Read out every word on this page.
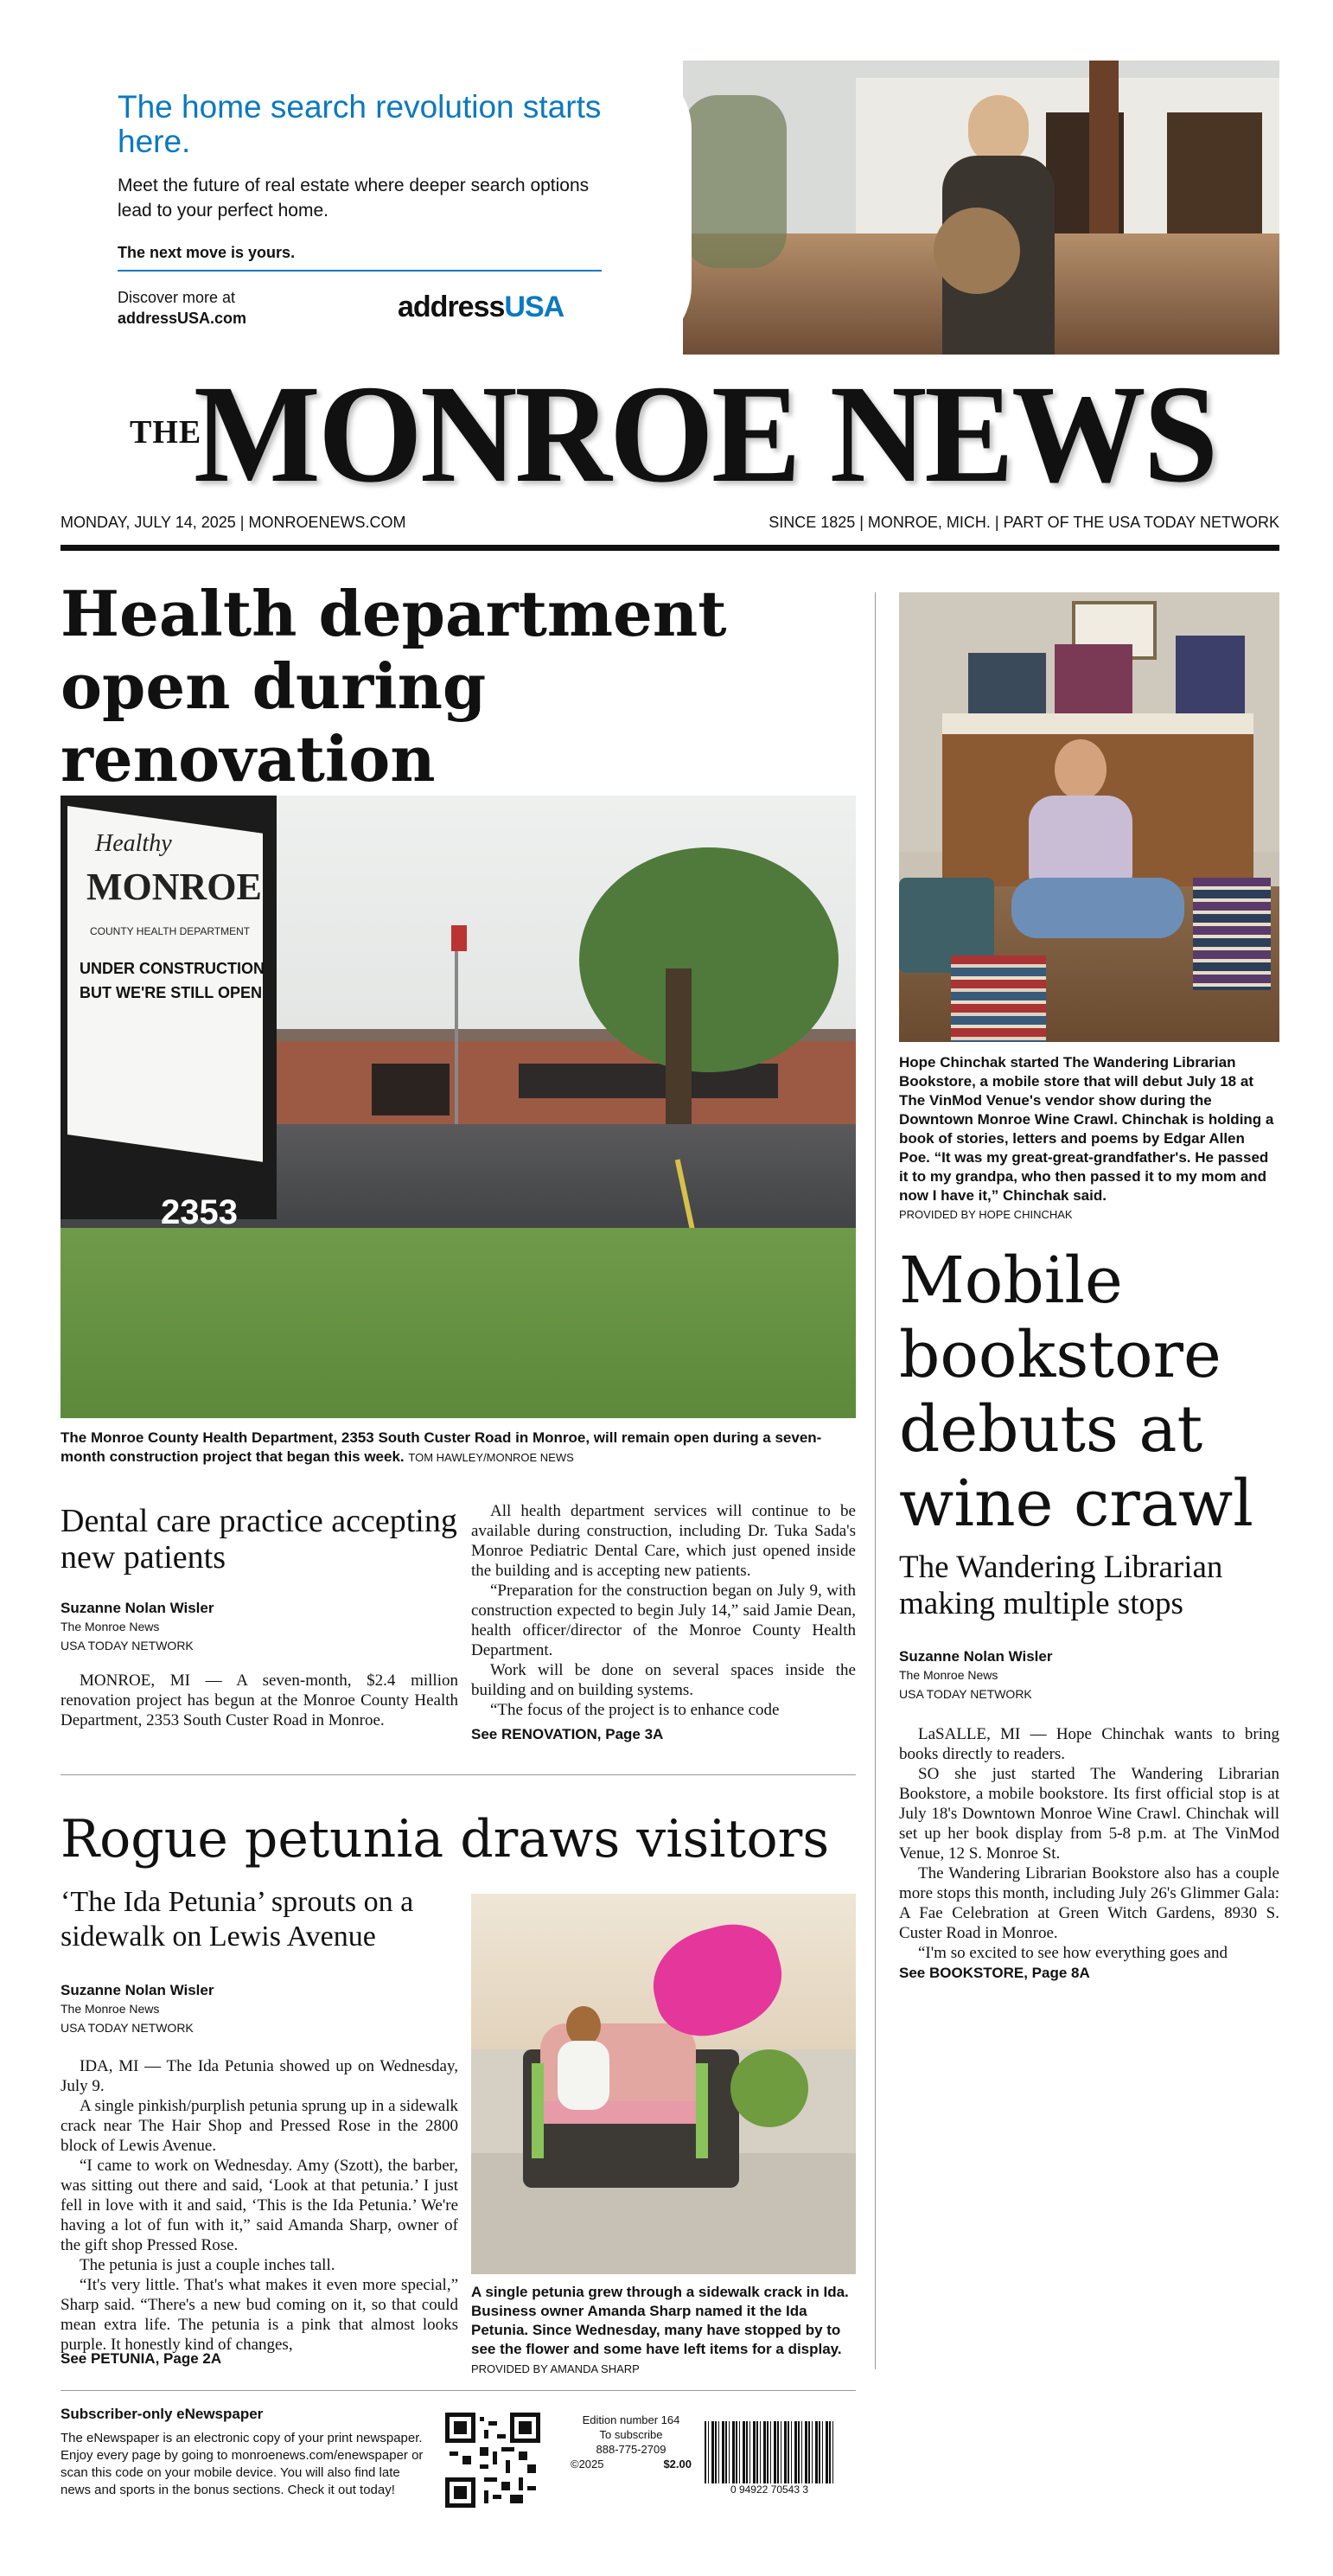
The home search revolution starts here.
Meet the future of real estate where deeper search options lead to your perfect home.
The next move is yours.
Discover more at
addressUSA.com	addressUSA
THE
MONROE NEWS
MONDAY, JULY 14, 2025 | MONROENEWS.COM	SINCE 1825 | MONROE, MICH. | PART OF THE USA TODAY NETWORK
Health department open during renovation
Healthy
MONROE
COUNTY HEALTH DEPARTMENT
UNDER CONSTRUCTION
BUT WE'RE STILL OPEN
2353
The Monroe County Health Department, 2353 South Custer Road in Monroe, will remain open during a seven-month construction project that began this week. TOM HAWLEY/MONROE NEWS
Dental care practice accepting new patients
Suzanne Nolan Wisler
The Monroe News
USA TODAY NETWORK

MONROE, MI — A seven-month, $2.4 million renovation project has begun at the Monroe County Health Department, 2353 South Custer Road in Monroe.

All health department services will continue to be available during construction, including Dr. Tuka Sada's Monroe Pediatric Dental Care, which just opened inside the building and is accepting new patients.

“Preparation for the construction began on July 9, with construction expected to begin July 14,” said Jamie Dean, health officer/director of the Monroe County Health Department.

Work will be done on several spaces inside the building and on building systems.

“The focus of the project is to enhance code

See RENOVATION, Page 3A
Rogue petunia draws visitors
‘The Ida Petunia’ sprouts on a sidewalk on Lewis Avenue
Suzanne Nolan Wisler
The Monroe News
USA TODAY NETWORK

IDA, MI — The Ida Petunia showed up on Wednesday, July 9.

A single pinkish/purplish petunia sprung up in a sidewalk crack near The Hair Shop and Pressed Rose in the 2800 block of Lewis Avenue.

“I came to work on Wednesday. Amy (Szott), the barber, was sitting out there and said, ‘Look at that petunia.’ I just fell in love with it and said, ‘This is the Ida Petunia.’ We're having a lot of fun with it,” said Amanda Sharp, owner of the gift shop Pressed Rose.

The petunia is just a couple inches tall.

“It's very little. That's what makes it even more special,” Sharp said. “There's a new bud coming on it, so that could mean extra life. The petunia is a pink that almost looks purple. It honestly kind of changes,

See PETUNIA, Page 2A
A single petunia grew through a sidewalk crack in Ida. Business owner Amanda Sharp named it the Ida Petunia. Since Wednesday, many have stopped by to see the flower and some have left items for a display. PROVIDED BY AMANDA SHARP
Hope Chinchak started The Wandering Librarian Bookstore, a mobile store that will debut July 18 at The VinMod Venue's vendor show during the Downtown Monroe Wine Crawl. Chinchak is holding a book of stories, letters and poems by Edgar Allen Poe. “It was my great-great-grandfather's. He passed it to my grandpa, who then passed it to my mom and now I have it,” Chinchak said.
PROVIDED BY HOPE CHINCHAK
Mobile bookstore debuts at wine crawl
The Wandering Librarian making multiple stops
Suzanne Nolan Wisler
The Monroe News
USA TODAY NETWORK

LaSALLE, MI — Hope Chinchak wants to bring books directly to readers.

SO she just started The Wandering Librarian Bookstore, a mobile bookstore. Its first official stop is at July 18's Downtown Monroe Wine Crawl. Chinchak will set up her book display from 5-8 p.m. at The VinMod Venue, 12 S. Monroe St.

The Wandering Librarian Bookstore also has a couple more stops this month, including July 26's Glimmer Gala: A Fae Celebration at Green Witch Gardens, 8930 S. Custer Road in Monroe.

“I'm so excited to see how everything goes and

See BOOKSTORE, Page 8A
Subscriber-only eNewspaper
The eNewspaper is an electronic copy of your print newspaper. Enjoy every page by going to monroenews.com/enewspaper or scan this code on your mobile device. You will also find late news and sports in the bonus sections. Check it out today!
Edition number 164
To subscribe
888-775-2709
©2025	$2.00
0 94922 70543 3
